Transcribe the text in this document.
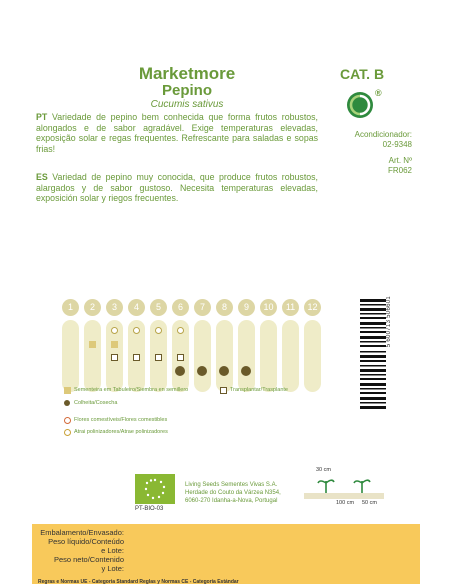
Marketmore
Pepino
Cucumis sativus
CAT. B
®
Acondicionador:
02-9348
Art. Nº
FR062
PT Variedade de pepino bem conhecida que forma frutos robustos, alongados e de sabor agradável. Exige temperaturas elevadas, exposição solar e regas frequentes. Refrescante para saladas e sopas frias!
ES Variedad de pepino muy conocida, que produce frutos robustos, alargados y de sabor gustoso. Necesita temperaturas elevadas, exposición solar y riegos frecuentes.
1	2	3	4	5	6	7	8	9	10	11	12
Sementeira em Tabuleiro/Siembra en semillero	Transplantar/Trasplante
Colheita/Cosecha
Flores comestíveis/Flores comestibles
Atrai polinizadores/Atrae polinizadores
5 600713 506601
PT-BIO-03
Living Seeds Sementes Vivas S.A.
Herdade do Couto da Várzea N354,
6060-270 Idanha-a-Nova, Portugal
30 cm
100 cm 50 cm
Embalamento/Envasado:
Peso líquido/Conteúdo
e Lote:
Peso neto/Contenido
y Lote:
Regras e Normas UE - Categoria Standard Reglas y Normas CE - Categoría Estándar
